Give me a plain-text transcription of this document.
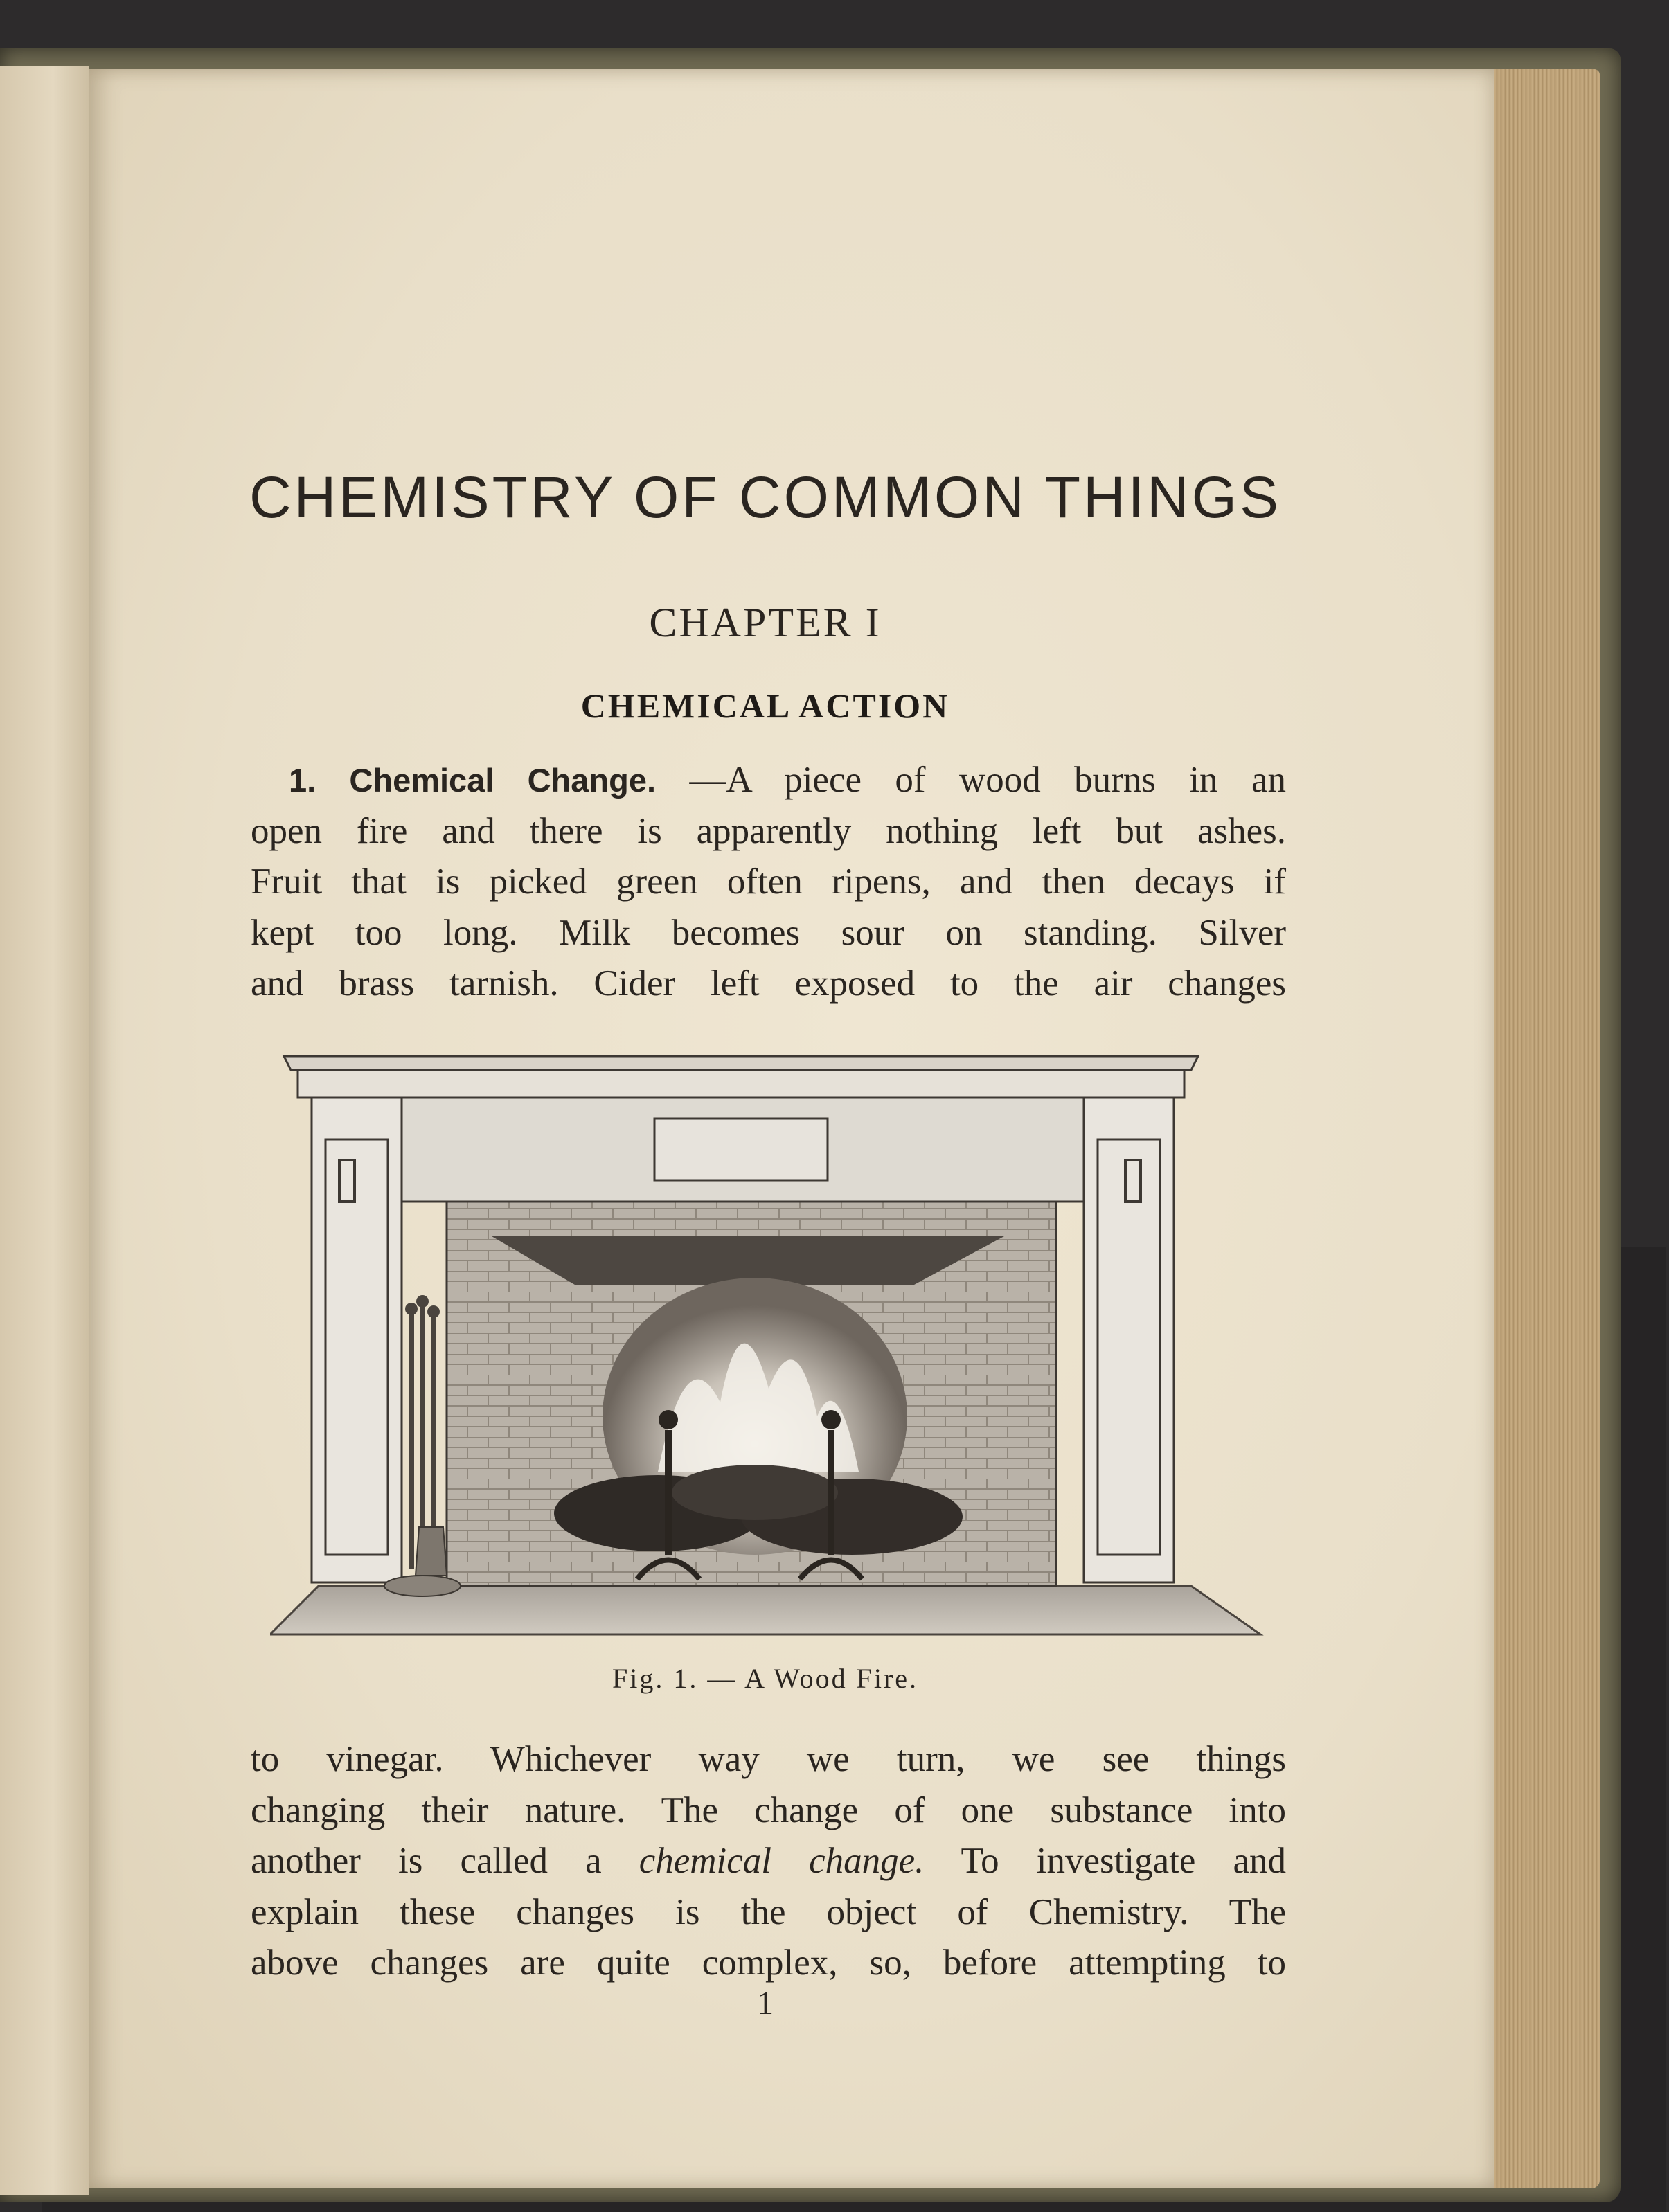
CHEMISTRY OF COMMON THINGS
CHAPTER I
CHEMICAL ACTION
1. Chemical Change. —A piece of wood burns in an
open fire and there is apparently nothing left but ashes.
Fruit that is picked green often ripens, and then decays if
kept too long. Milk becomes sour on standing. Silver
and brass tarnish. Cider left exposed to the air changes

Fig. 1. — A Wood Fire.

to vinegar. Whichever way we turn, we see things
changing their nature. The change of one substance into
another is called a chemical change. To investigate and
explain these changes is the object of Chemistry. The
above changes are quite complex, so, before attempting to

1
